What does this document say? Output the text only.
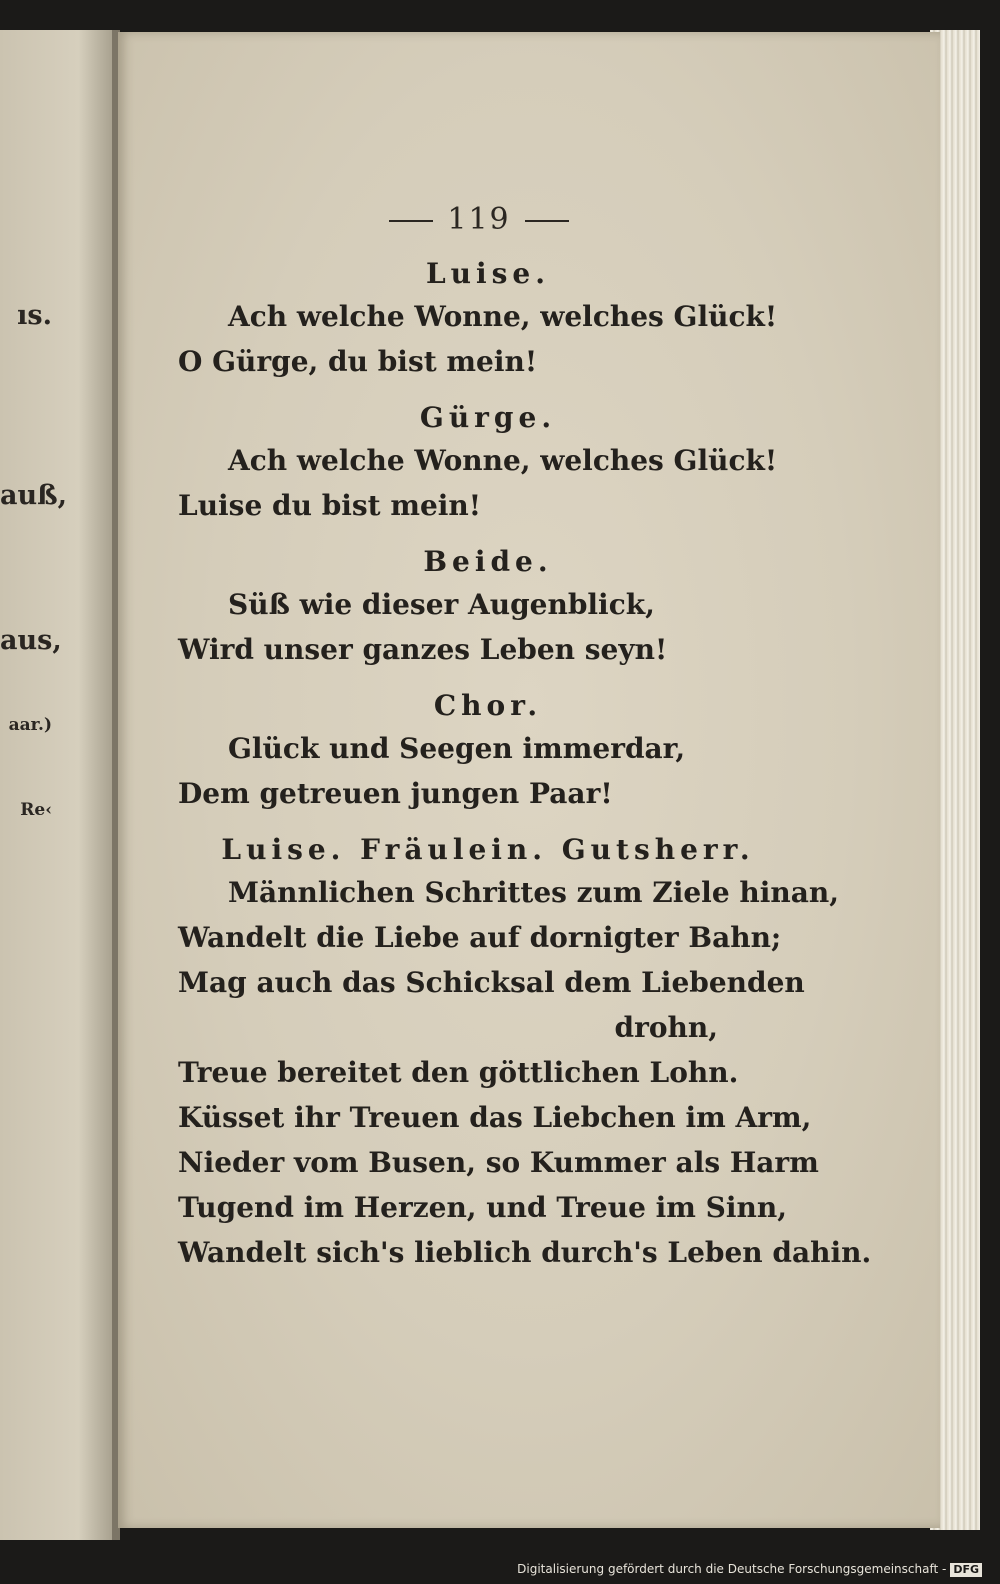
ıs.
auß,
aus,
aar.)
Re‹
119
Luise.
Ach welche Wonne, welches Glück!
O Gürge, du bist mein!
Gürge.
Ach welche Wonne, welches Glück!
Luise du bist mein!
Beide.
Süß wie dieser Augenblick,
Wird unser ganzes Leben seyn!
Chor.
Glück und Seegen immerdar,
Dem getreuen jungen Paar!
Luise. Fräulein. Gutsherr.
Männlichen Schrittes zum Ziele hinan,
Wandelt die Liebe auf dornigter Bahn;
Mag auch das Schicksal dem Liebenden
drohn,
Treue bereitet den göttlichen Lohn.
Küsset ihr Treuen das Liebchen im Arm,
Nieder vom Busen, so Kummer als Harm
Tugend im Herzen, und Treue im Sinn,
Wandelt sich's lieblich durch's Leben dahin.
Digitalisierung gefördert durch die Deutsche Forschungsgemeinschaft - DFG
